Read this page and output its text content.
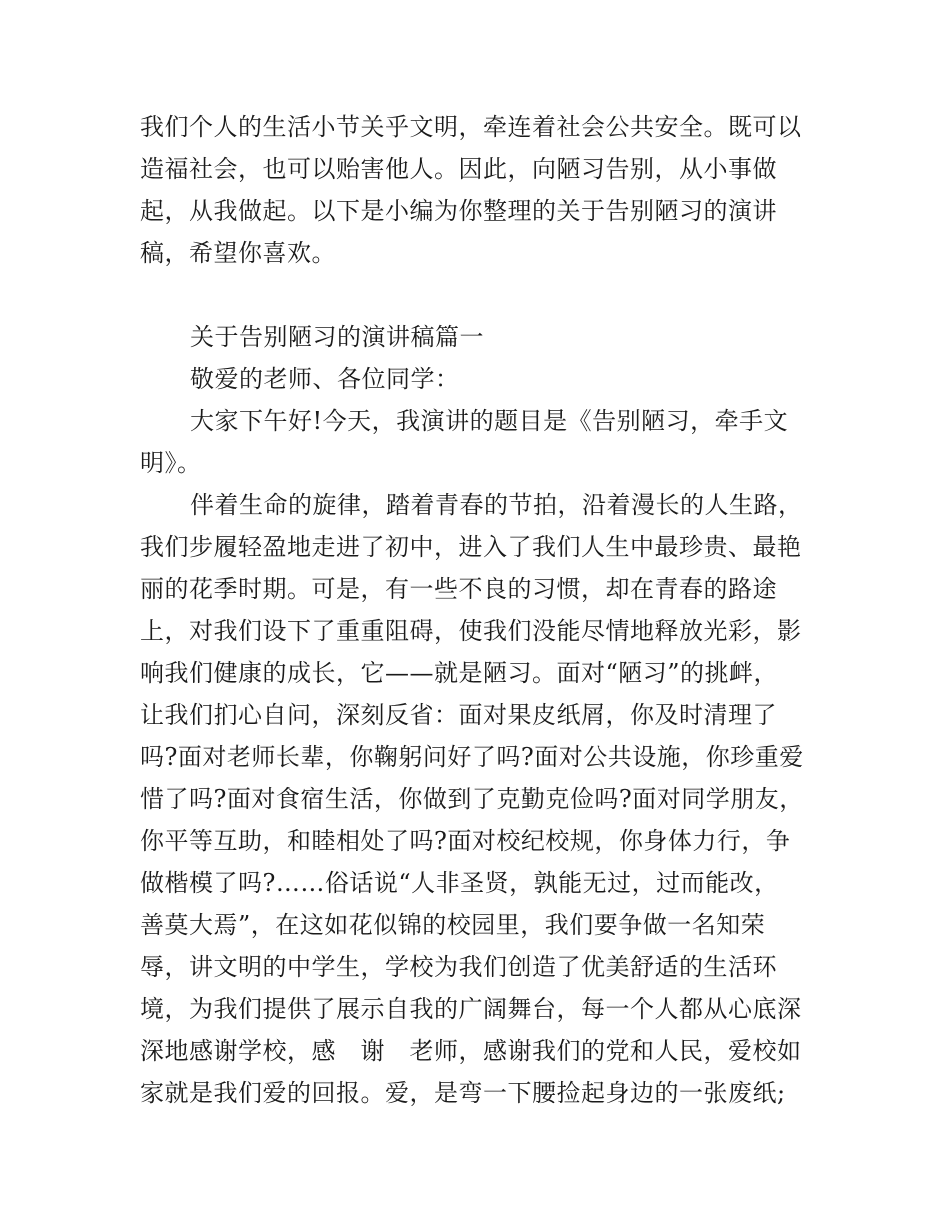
我们个人的生活小节关乎文明，牵连着社会公共安全。既可以
造福社会，也可以贻害他人。因此，向陋习告别，从小事做
起，从我做起。以下是小编为你整理的关于告别陋习的演讲
稿，希望你喜欢。
关于告别陋习的演讲稿篇一
敬爱的老师、各位同学：
大家下午好!今天，我演讲的题目是《告别陋习，牵手文
明》。
伴着生命的旋律，踏着青春的节拍，沿着漫长的人生路，
我们步履轻盈地走进了初中，进入了我们人生中最珍贵、最艳
丽的花季时期。可是，有一些不良的习惯，却在青春的路途
上，对我们设下了重重阻碍，使我们没能尽情地释放光彩，影
响我们健康的成长，它——就是陋习。面对“陋习”的挑衅，
让我们扪心自问，深刻反省：面对果皮纸屑，你及时清理了
吗?面对老师长辈，你鞠躬问好了吗?面对公共设施，你珍重爱
惜了吗?面对食宿生活，你做到了克勤克俭吗?面对同学朋友，
你平等互助，和睦相处了吗?面对校纪校规，你身体力行，争
做楷模了吗?……俗话说“人非圣贤，孰能无过，过而能改，
善莫大焉”，在这如花似锦的校园里，我们要争做一名知荣
辱，讲文明的中学生，学校为我们创造了优美舒适的生活环
境，为我们提供了展示自我的广阔舞台，每一个人都从心底深
深地感谢学校，感　谢　老师，感谢我们的党和人民，爱校如
家就是我们爱的回报。爱，是弯一下腰捡起身边的一张废纸;
